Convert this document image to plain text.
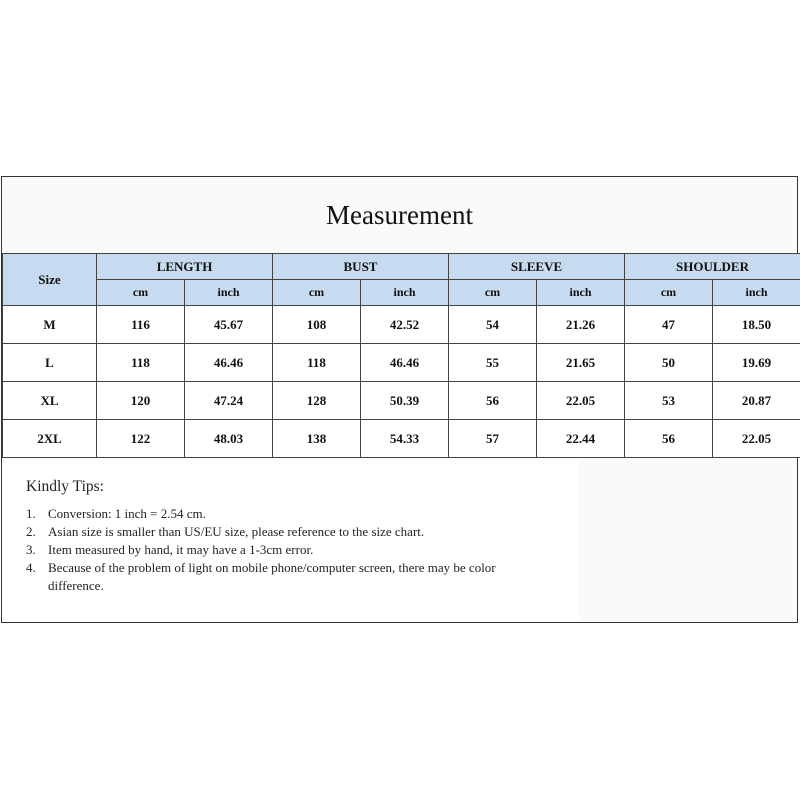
Measurement
Size	LENGTH		BUST		SLEEVE		SHOULDER	
	cm	inch	cm	inch	cm	inch	cm	inch
M	116	45.67	108	42.52	54	21.26	47	18.50
L	118	46.46	118	46.46	55	21.65	50	19.69
XL	120	47.24	128	50.39	56	22.05	53	20.87
2XL	122	48.03	138	54.33	57	22.44	56	22.05
Kindly Tips:
1. Conversion: 1 inch = 2.54 cm.
2. Asian size is smaller than US/EU size, please reference to the size chart.
3. Item measured by hand, it may have a 1-3cm error.
4. Because of the problem of light on mobile phone/computer screen, there may be color difference.
